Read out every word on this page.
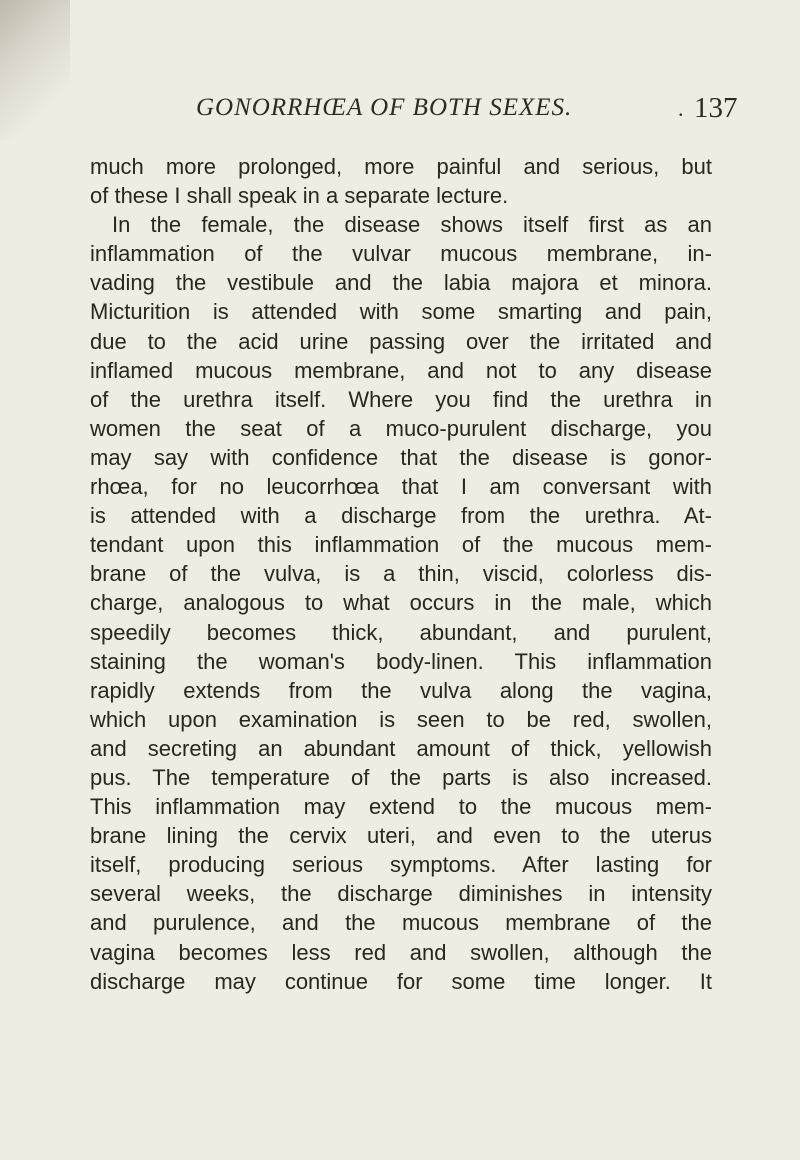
GONORRHŒA OF BOTH SEXES.	. 137
much more prolonged, more painful and serious, but
of these I shall speak in a separate lecture.
In the female, the disease shows itself first as an
inflammation of the vulvar mucous membrane, in-
vading the vestibule and the labia majora et minora.
Micturition is attended with some smarting and pain,
due to the acid urine passing over the irritated and
inflamed mucous membrane, and not to any disease
of the urethra itself. Where you find the urethra in
women the seat of a muco-purulent discharge, you
may say with confidence that the disease is gonor-
rhœa, for no leucorrhœa that I am conversant with
is attended with a discharge from the urethra. At-
tendant upon this inflammation of the mucous mem-
brane of the vulva, is a thin, viscid, colorless dis-
charge, analogous to what occurs in the male, which
speedily becomes thick, abundant, and purulent,
staining the woman's body-linen. This inflammation
rapidly extends from the vulva along the vagina,
which upon examination is seen to be red, swollen,
and secreting an abundant amount of thick, yellowish
pus. The temperature of the parts is also increased.
This inflammation may extend to the mucous mem-
brane lining the cervix uteri, and even to the uterus
itself, producing serious symptoms. After lasting for
several weeks, the discharge diminishes in intensity
and purulence, and the mucous membrane of the
vagina becomes less red and swollen, although the
discharge may continue for some time longer. It
